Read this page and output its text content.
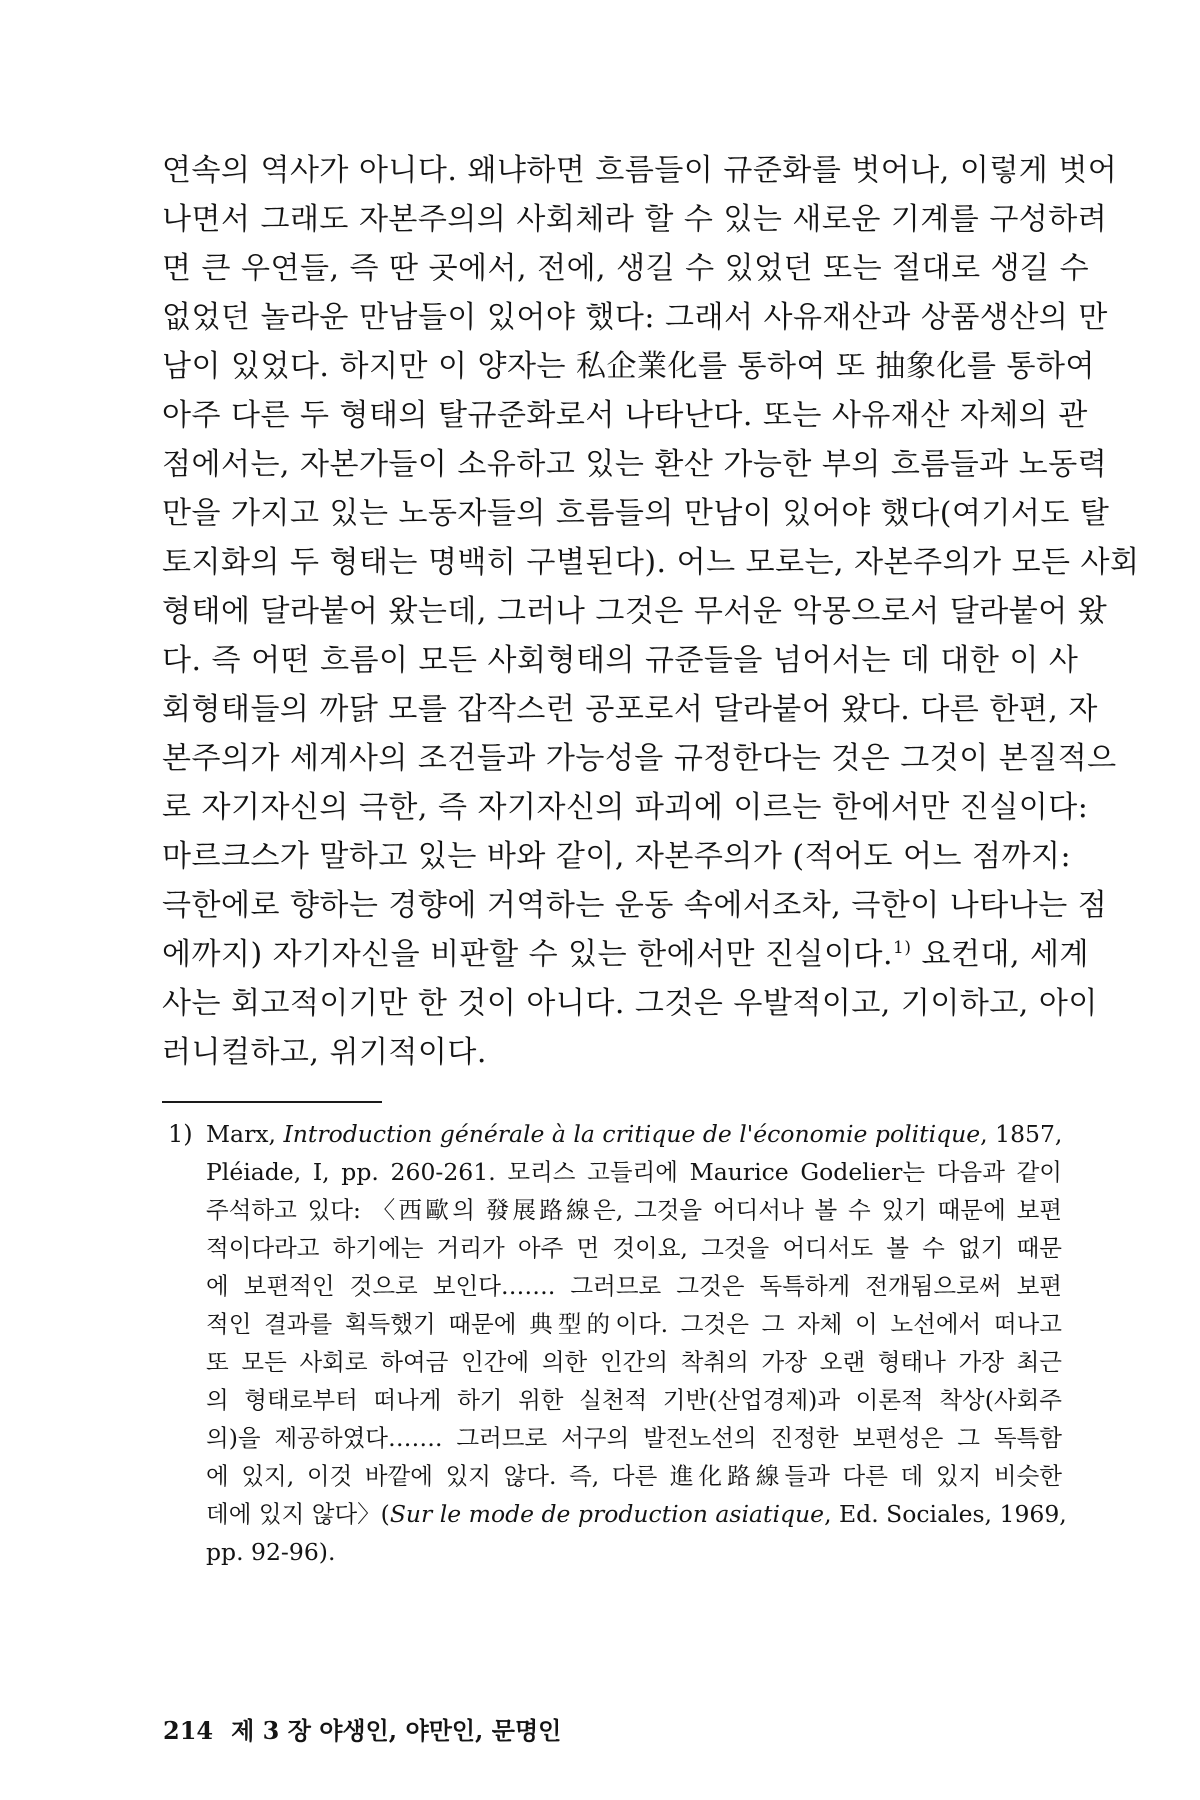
연속의 역사가 아니다. 왜냐하면 흐름들이 규준화를 벗어나, 이렇게 벗어
나면서 그래도 자본주의의 사회체라 할 수 있는 새로운 기계를 구성하려
면 큰 우연들, 즉 딴 곳에서, 전에, 생길 수 있었던 또는 절대로 생길 수
없었던 놀라운 만남들이 있어야 했다: 그래서 사유재산과 상품생산의 만
남이 있었다. 하지만 이 양자는 私企業化를 통하여 또 抽象化를 통하여
아주 다른 두 형태의 탈규준화로서 나타난다. 또는 사유재산 자체의 관
점에서는, 자본가들이 소유하고 있는 환산 가능한 부의 흐름들과 노동력
만을 가지고 있는 노동자들의 흐름들의 만남이 있어야 했다(여기서도 탈
토지화의 두 형태는 명백히 구별된다). 어느 모로는, 자본주의가 모든 사회
형태에 달라붙어 왔는데, 그러나 그것은 무서운 악몽으로서 달라붙어 왔
다. 즉 어떤 흐름이 모든 사회형태의 규준들을 넘어서는 데 대한 이 사
회형태들의 까닭 모를 갑작스런 공포로서 달라붙어 왔다. 다른 한편, 자
본주의가 세계사의 조건들과 가능성을 규정한다는 것은 그것이 본질적으
로 자기자신의 극한, 즉 자기자신의 파괴에 이르는 한에서만 진실이다:
마르크스가 말하고 있는 바와 같이, 자본주의가 (적어도 어느 점까지:
극한에로 향하는 경향에 거역하는 운동 속에서조차, 극한이 나타나는 점
에까지) 자기자신을 비판할 수 있는 한에서만 진실이다.$^{1)}$ 요컨대, 세계
사는 회고적이기만 한 것이 아니다. 그것은 우발적이고, 기이하고, 아이
러니컬하고, 위기적이다.
1) Marx, Introduction générale à la critique de l'économie politique, 1857,
Pléiade, I, pp. 260-261. 모리스 고들리에 Maurice Godelier는 다음과 같이
주석하고 있다: 〈西歐의 發展路線은, 그것을 어디서나 볼 수 있기 때문에 보편
적이다라고 하기에는 거리가 아주 먼 것이요, 그것을 어디서도 볼 수 없기 때문
에 보편적인 것으로 보인다……. 그러므로 그것은 독특하게 전개됨으로써 보편
적인 결과를 획득했기 때문에 典型的이다. 그것은 그 자체 이 노선에서 떠나고
또 모든 사회로 하여금 인간에 의한 인간의 착취의 가장 오랜 형태나 가장 최근
의 형태로부터 떠나게 하기 위한 실천적 기반(산업경제)과 이론적 착상(사회주
의)을 제공하였다……. 그러므로 서구의 발전노선의 진정한 보편성은 그 독특함
에 있지, 이것 바깥에 있지 않다. 즉, 다른 進化路線들과 다른 데 있지 비슷한
데에 있지 않다〉(Sur le mode de production asiatique, Ed. Sociales, 1969,
pp. 92-96).
214 제 3 장 야생인, 야만인, 문명인
